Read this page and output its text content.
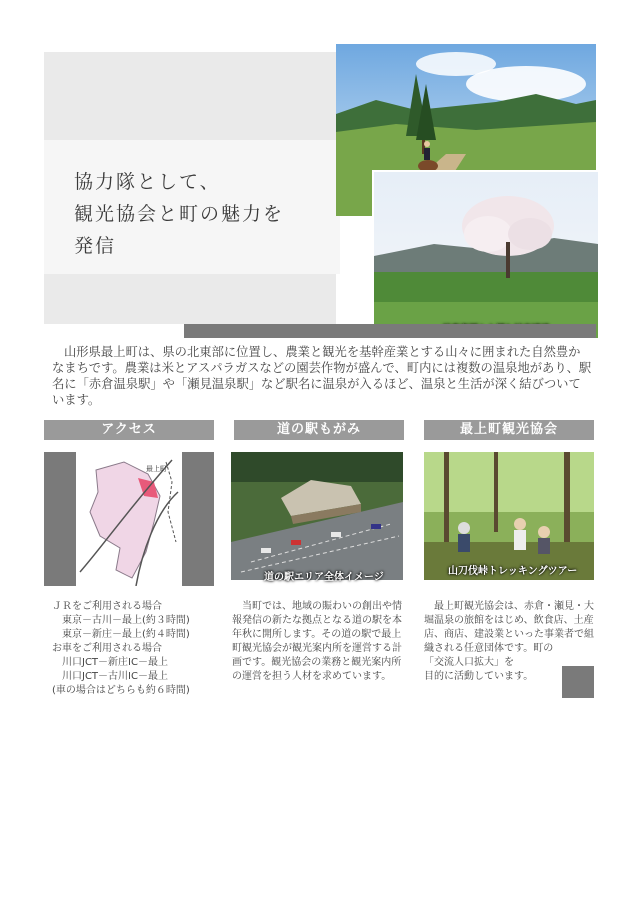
協力隊として、
観光協会と町の魅力を
発信
山形県最上町は、県の北東部に位置し、農業と観光を基幹産業とする山々に囲まれた自然豊かなまちです。農業は米とアスパラガスなどの園芸作物が盛んで、町内には複数の温泉地があり、駅名に「赤倉温泉駅」や「瀬見温泉駅」など駅名に温泉が入るほど、温泉と生活が深く結びついています。
アクセス	道の駅もがみ	最上町観光協会
最上町
道の駅エリア全体イメージ
山刀伐峠トレッキングツアー
ＪＲをご利用される場合
　東京－古川－最上(約３時間)
　東京－新庄－最上(約４時間)
お車をご利用される場合
　川口JCT－新庄IC－最上
　川口JCT－古川IC－最上
(車の場合はどちらも約６時間)
　当町では、地域の賑わいの創出や情報発信の新たな拠点となる道の駅を本年秋に開所します。その道の駅で最上町観光協会が観光案内所を運営する計画です。観光協会の業務と観光案内所の運営を担う人材を求めています。
　最上町観光協会は、赤倉・瀬見・大堀温泉の旅館をはじめ、飲食店、土産店、商店、建設業といった事業者で組織される任意団体です。町の
「交流人口拡大」を
目的に活動しています。
